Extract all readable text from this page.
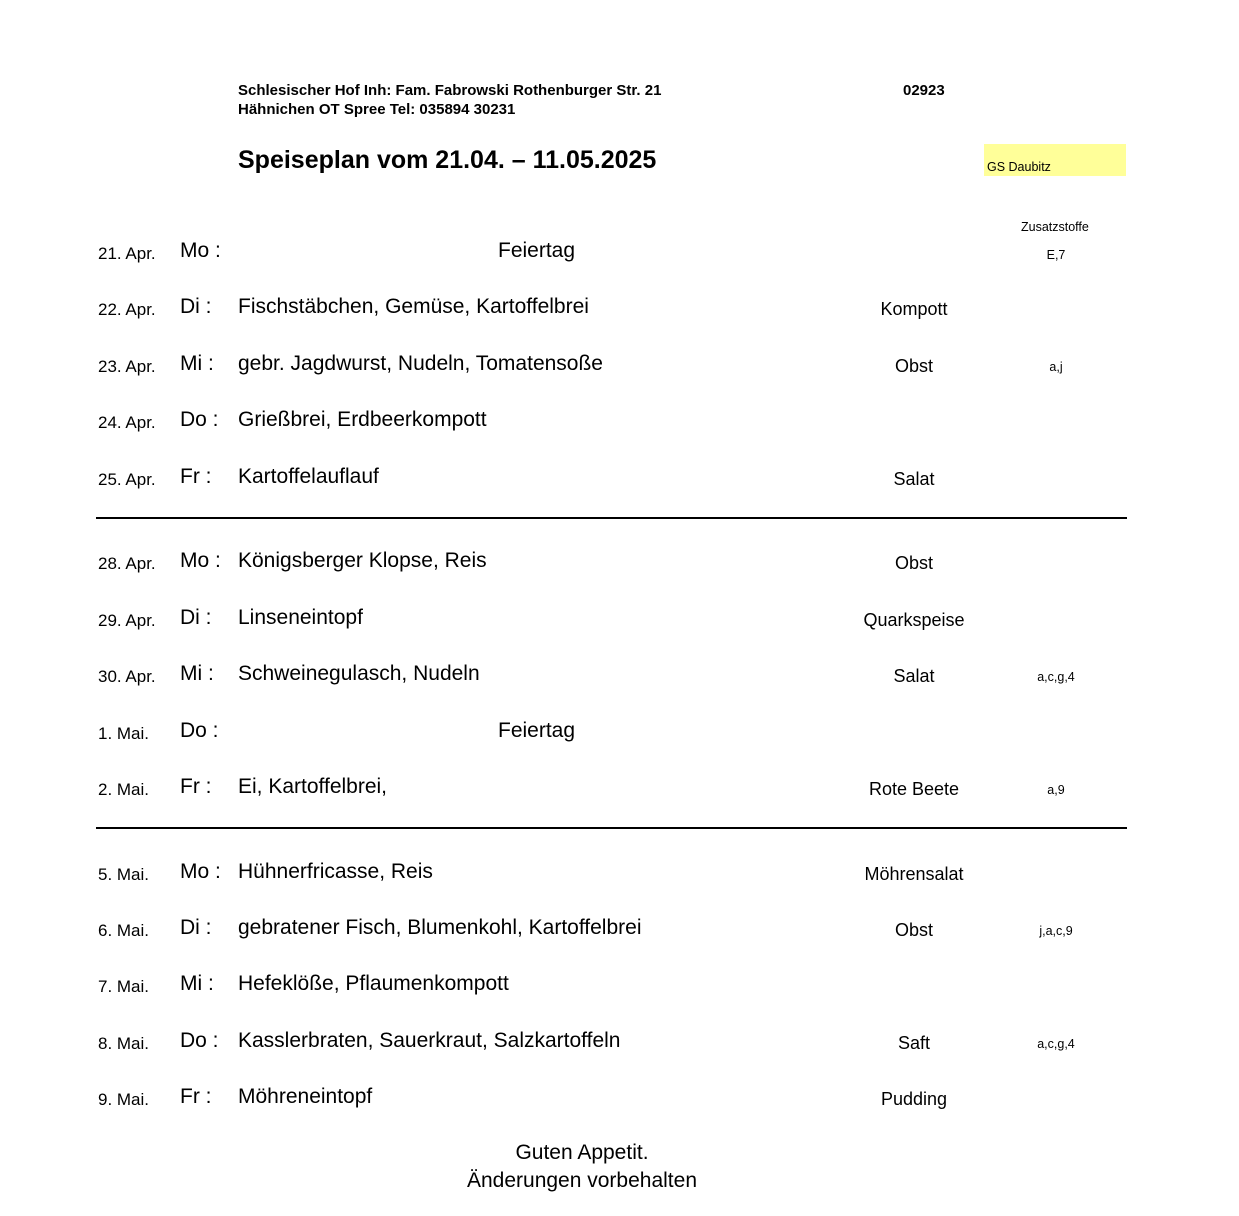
Schlesischer Hof Inh: Fam. Fabrowski Rothenburger Str. 21	02923
Hähnichen OT Spree Tel: 035894 30231
Speiseplan vom 21.04. – 11.05.2025	GS Daubitz
Zusatzstoffe
21. Apr. Mo :	Feiertag	E,7
22. Apr. Di : Fischstäbchen, Gemüse, Kartoffelbrei	Kompott
23. Apr. Mi : gebr. Jagdwurst, Nudeln, Tomatensoße	Obst	a,j
24. Apr. Do : Grießbrei, Erdbeerkompott
25. Apr. Fr : Kartoffelauflauf	Salat
28. Apr. Mo : Königsberger Klopse, Reis	Obst
29. Apr. Di : Linseneintopf	Quarkspeise
30. Apr. Mi : Schweinegulasch, Nudeln	Salat	a,c,g,4
1. Mai. Do :	Feiertag
2. Mai. Fr : Ei, Kartoffelbrei,	Rote Beete	a,9
5. Mai. Mo : Hühnerfricasse, Reis	Möhrensalat
6. Mai. Di : gebratener Fisch, Blumenkohl, Kartoffelbrei	Obst	j,a,c,9
7. Mai. Mi : Hefeklöße, Pflaumenkompott
8. Mai. Do : Kasslerbraten, Sauerkraut, Salzkartoffeln	Saft	a,c,g,4
9. Mai. Fr : Möhreneintopf	Pudding
Guten Appetit.
Änderungen vorbehalten
